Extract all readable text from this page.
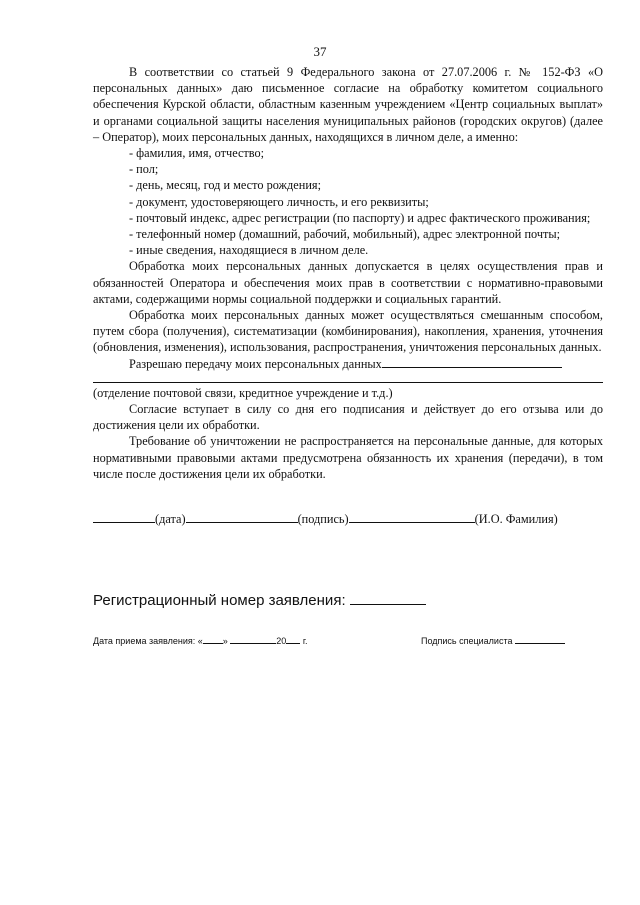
37

В соответствии со статьей 9 Федерального закона от 27.07.2006 г. № 152-ФЗ «О персональных данных» даю письменное согласие на обработку комитетом социального обеспечения Курской области, областным казенным учреждением «Центр социальных выплат» и органами социальной защиты населения муниципальных районов (городских округов) (далее – Оператор), моих персональных данных, находящихся в личном деле, а именно:

- фамилия, имя, отчество;

- пол;

- день, месяц, год и место рождения;

- документ, удостоверяющего личность, и его реквизиты;

- почтовый индекс, адрес регистрации (по паспорту) и адрес фактического проживания;

- телефонный номер (домашний, рабочий, мобильный), адрес электронной почты;

- иные сведения, находящиеся в личном деле.

Обработка моих персональных данных допускается в целях осуществления прав и обязанностей Оператора и обеспечения моих прав в соответствии с нормативно-правовыми актами, содержащими нормы социальной поддержки и социальных гарантий.

Обработка моих персональных данных может осуществляться смешанным способом, путем сбора (получения), систематизации (комбинирования), накопления, хранения, уточнения (обновления, изменения), использования, распространения, уничтожения персональных данных.

Разрешаю передачу моих персональных данных

(отделение почтовой связи, кредитное учреждение и т.д.)

Согласие вступает в силу со дня его подписания и действует до его отзыва или до достижения цели их обработки.

Требование об уничтожении не распространяется на персональные данные, для которых нормативными правовыми актами предусмотрена обязанность их хранения (передачи), в том числе после достижения цели их обработки.

(дата)	(подпись)	(И.О. Фамилия)
Регистрационный номер заявления:
Дата приема заявления: « »	20 г.	Подпись специалиста
